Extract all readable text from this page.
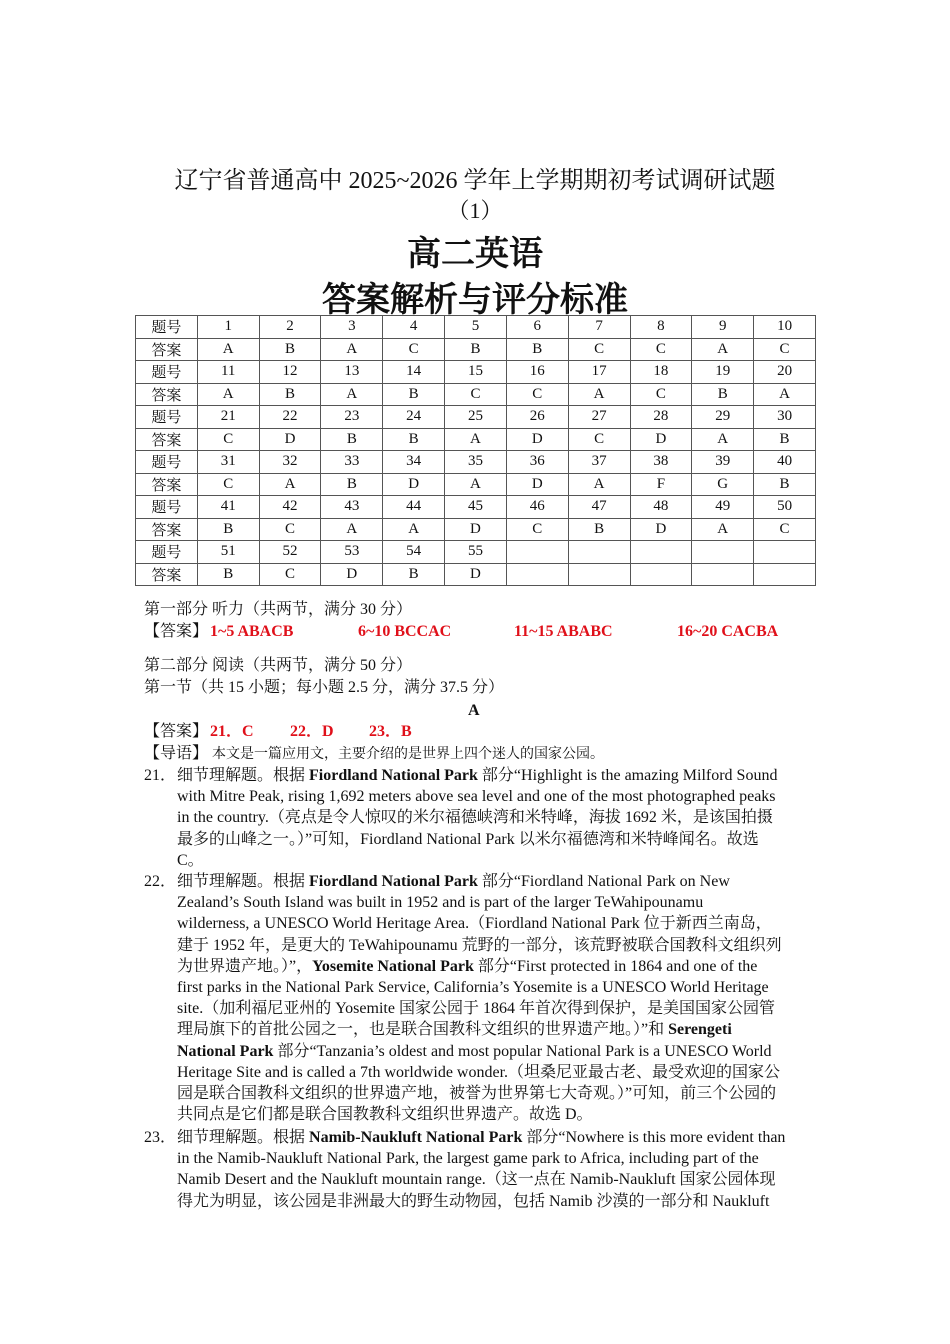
辽宁省普通高中 2025~2026 学年上学期期初考试调研试题
（1）
高二英语
答案解析与评分标准
题号	1	2	3	4	5	6	7	8	9	10
答案	A	B	A	C	B	B	C	C	A	C
题号	11	12	13	14	15	16	17	18	19	20
答案	A	B	A	B	C	C	A	C	B	A
题号	21	22	23	24	25	26	27	28	29	30
答案	C	D	B	B	A	D	C	D	A	B
题号	31	32	33	34	35	36	37	38	39	40
答案	C	A	B	D	A	D	A	F	G	B
题号	41	42	43	44	45	46	47	48	49	50
答案	B	C	A	A	D	C	B	D	A	C
题号	51	52	53	54	55					
答案	B	C	D	B	D					
第一部分 听力（共两节，满分 30 分）
【答案】 1~5 ABACB	6~10 BCCAC	11~15 ABABC	16~20 CACBA
第二部分 阅读（共两节，满分 50 分）
第一节（共 15 小题；每小题 2.5 分，满分 37.5 分）
A
【答案】 21．C 22．D 23．B
【导语】 本文是一篇应用文，主要介绍的是世界上四个迷人的国家公园。
21． 细节理解题。根据 Fiordland National Park 部分“Highlight is the amazing Milford Sound
with Mitre Peak, rising 1,692 meters above sea level and one of the most photographed peaks
in the country.（亮点是令人惊叹的米尔福德峡湾和米特峰，海拔 1692 米，是该国拍摄
最多的山峰之一。）”可知，Fiordland National Park 以米尔福德湾和米特峰闻名。故选
C。
22． 细节理解题。根据 Fiordland National Park 部分“Fiordland National Park on New
Zealand’s South Island was built in 1952 and is part of the larger TeWahipounamu
wilderness, a UNESCO World Heritage Area.（Fiordland National Park 位于新西兰南岛，
建于 1952 年，是更大的 TeWahipounamu 荒野的一部分，该荒野被联合国教科文组织列
为世界遗产地。）”，Yosemite National Park 部分“First protected in 1864 and one of the
first parks in the National Park Service, California’s Yosemite is a UNESCO World Heritage
site.（加利福尼亚州的 Yosemite 国家公园于 1864 年首次得到保护，是美国国家公园管
理局旗下的首批公园之一，也是联合国教科文组织的世界遗产地。）”和 Serengeti
National Park 部分“Tanzania’s oldest and most popular National Park is a UNESCO World
Heritage Site and is called a 7th worldwide wonder.（坦桑尼亚最古老、最受欢迎的国家公
园是联合国教科文组织的世界遗产地，被誉为世界第七大奇观。）”可知，前三个公园的
共同点是它们都是联合国教教科文组织世界遗产。故选 D。
23． 细节理解题。根据 Namib-Naukluft National Park 部分“Nowhere is this more evident than
in the Namib-Naukluft National Park, the largest game park to Africa, including part of the
Namib Desert and the Naukluft mountain range.（这一点在 Namib-Naukluft 国家公园体现
得尤为明显，该公园是非洲最大的野生动物园，包括 Namib 沙漠的一部分和 Naukluft
